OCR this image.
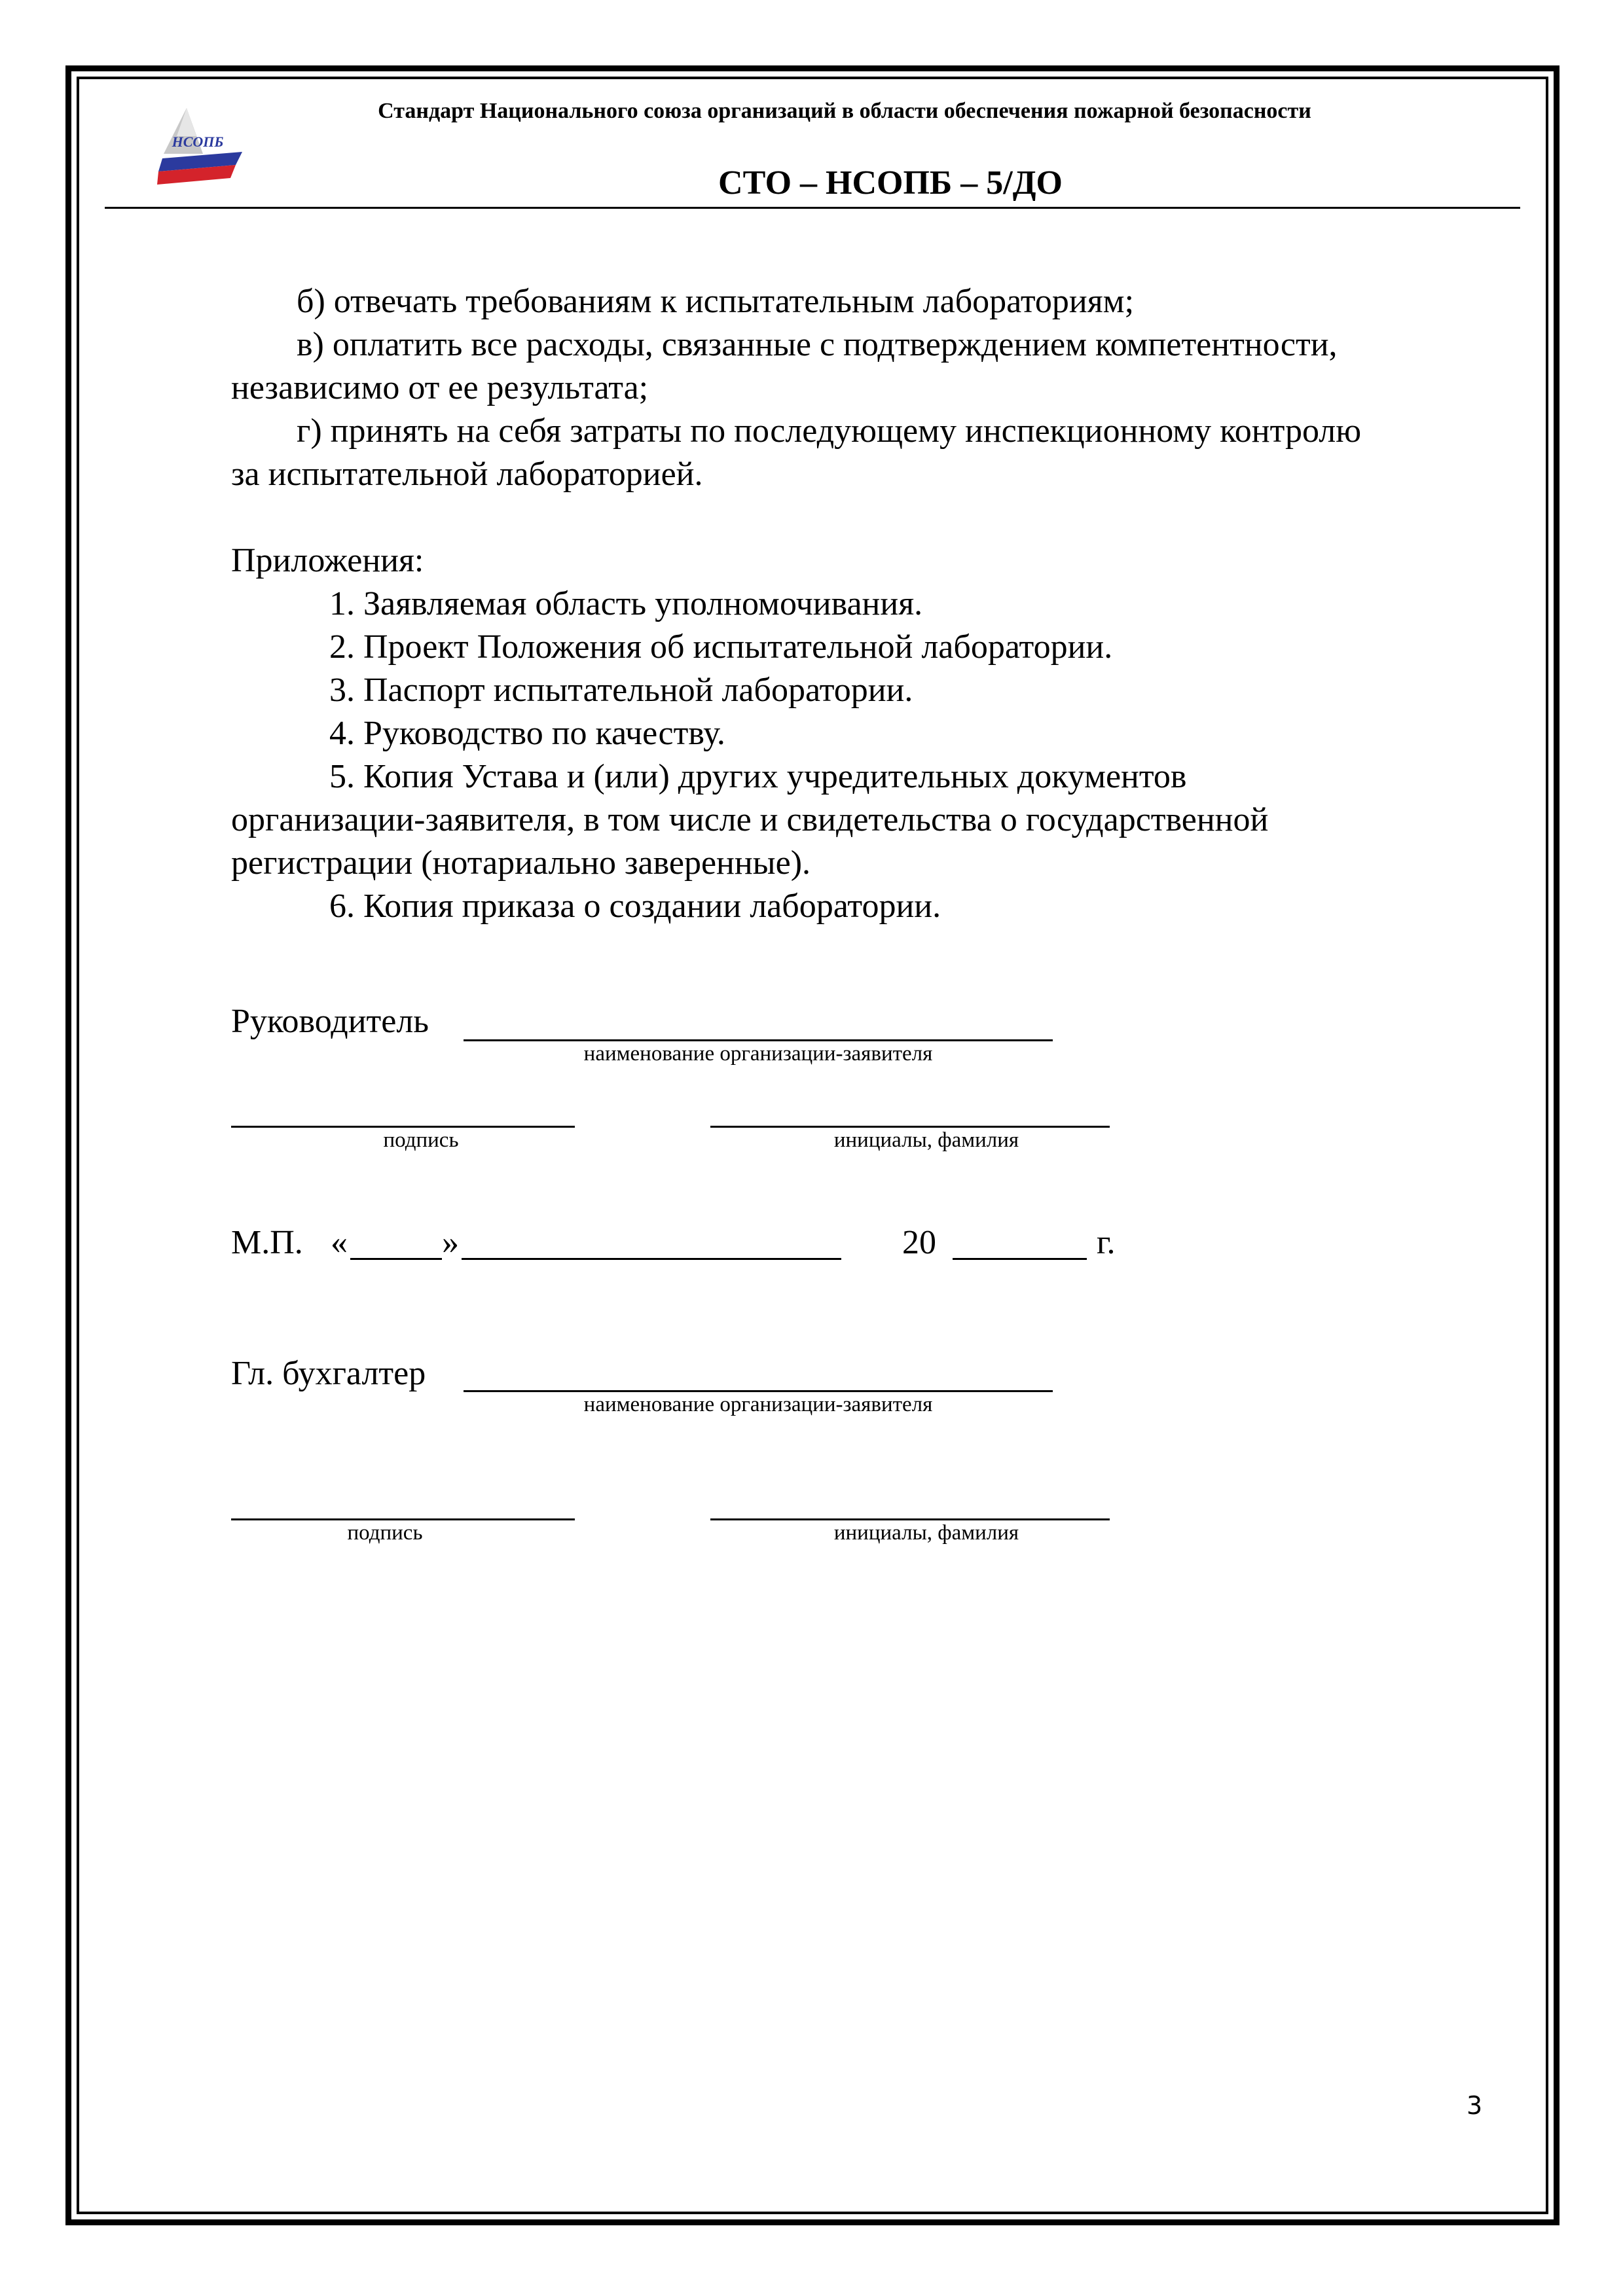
НСОПБ
Стандарт Национального союза организаций в области обеспечения пожарной безопасности
СТО – НСОПБ – 5/ДО
б) отвечать требованиям к испытательным лабораториям;
в) оплатить все расходы, связанные с подтверждением компетентности,
независимо от ее результата;
г) принять на себя затраты по последующему инспекционному контролю
за испытательной лабораторией.
Приложения:
1. Заявляемая область уполномочивания.
2. Проект Положения об испытательной лаборатории.
3. Паспорт испытательной лаборатории.
4. Руководство по качеству.
5. Копия Устава и (или) других учредительных документов
организации-заявителя, в том числе и свидетельства о государственной
регистрации (нотариально заверенные).
6. Копия приказа о создании лаборатории.
Руководитель
наименование организации-заявителя
подпись	инициалы, фамилия
М.П. «	»	20	г.
Гл. бухгалтер
наименование организации-заявителя
подпись	инициалы, фамилия
3
